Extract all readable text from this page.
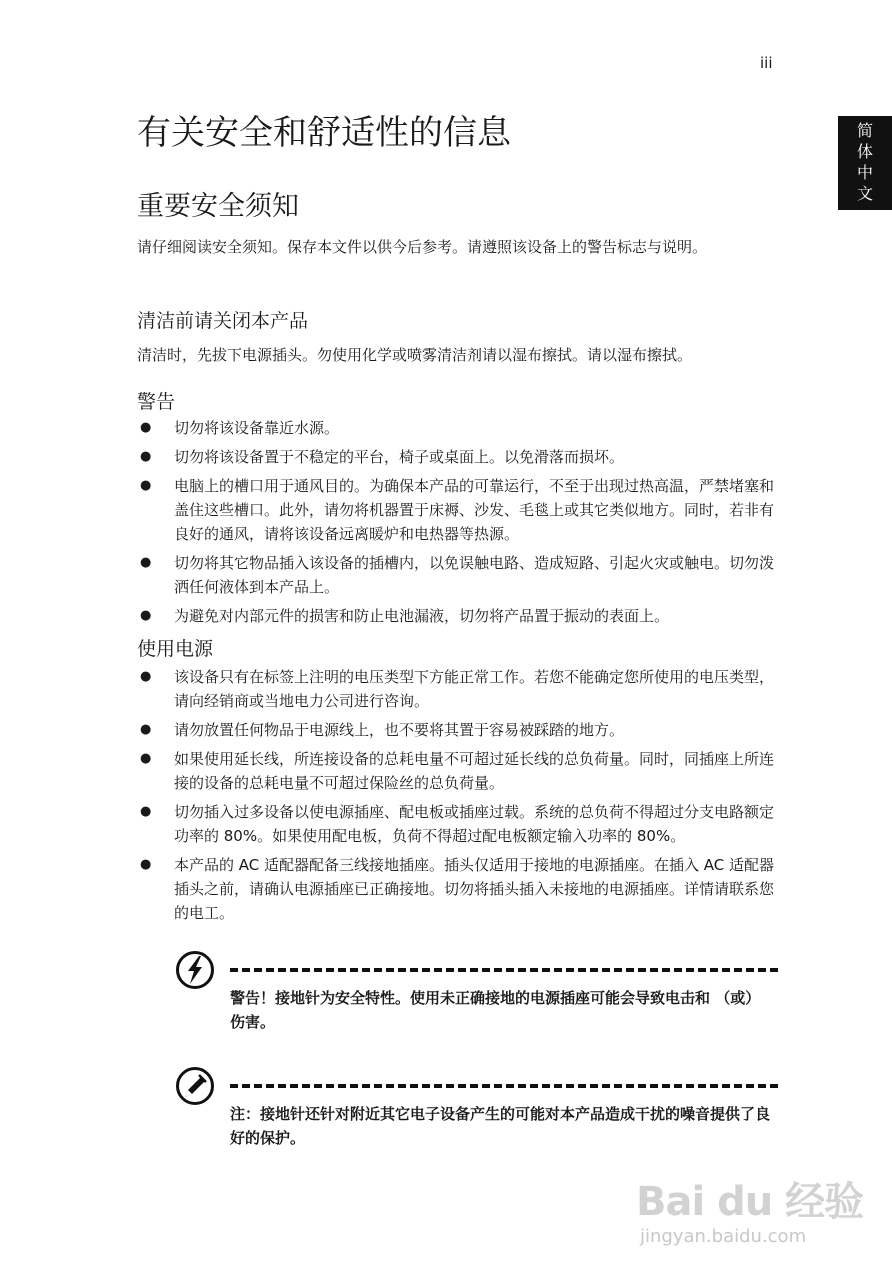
iii
简
体
中
文
有关安全和舒适性的信息
重要安全须知

请仔细阅读安全须知。保存本文件以供今后参考。请遵照该设备上的警告标志与说明。

清洁前请关闭本产品

清洁时，先拔下电源插头。勿使用化学或喷雾清洁剂请以湿布擦拭。请以湿布擦拭。

警告
● 切勿将该设备靠近水源。
● 切勿将该设备置于不稳定的平台，椅子或桌面上。以免滑落而损坏。
● 电脑上的槽口用于通风目的。为确保本产品的可靠运行，不至于出现过热高温，严禁堵塞和盖住这些槽口。此外，请勿将机器置于床褥、沙发、毛毯上或其它类似地方。同时，若非有良好的通风，请将该设备远离暖炉和电热器等热源。
● 切勿将其它物品插入该设备的插槽内，以免误触电路、造成短路、引起火灾或触电。切勿泼洒任何液体到本产品上。
● 为避免对内部元件的损害和防止电池漏液，切勿将产品置于振动的表面上。
使用电源
● 该设备只有在标签上注明的电压类型下方能正常工作。若您不能确定您所使用的电压类型，请向经销商或当地电力公司进行咨询。
● 请勿放置任何物品于电源线上，也不要将其置于容易被踩踏的地方。
● 如果使用延长线，所连接设备的总耗电量不可超过延长线的总负荷量。同时，同插座上所连接的设备的总耗电量不可超过保险丝的总负荷量。
● 切勿插入过多设备以使电源插座、配电板或插座过载。系统的总负荷不得超过分支电路额定功率的 80%。如果使用配电板，负荷不得超过配电板额定输入功率的 80%。
● 本产品的 AC 适配器配备三线接地插座。插头仅适用于接地的电源插座。在插入 AC 适配器插头之前，请确认电源插座已正确接地。切勿将插头插入未接地的电源插座。详情请联系您的电工。

警告！接地针为安全特性。使用未正确接地的电源插座可能会导致电击和 （或）伤害。

注：接地针还针对附近其它电子设备产生的可能对本产品造成干扰的噪音提供了良好的保护。

Bai du 经验
jingyan.baidu.com
